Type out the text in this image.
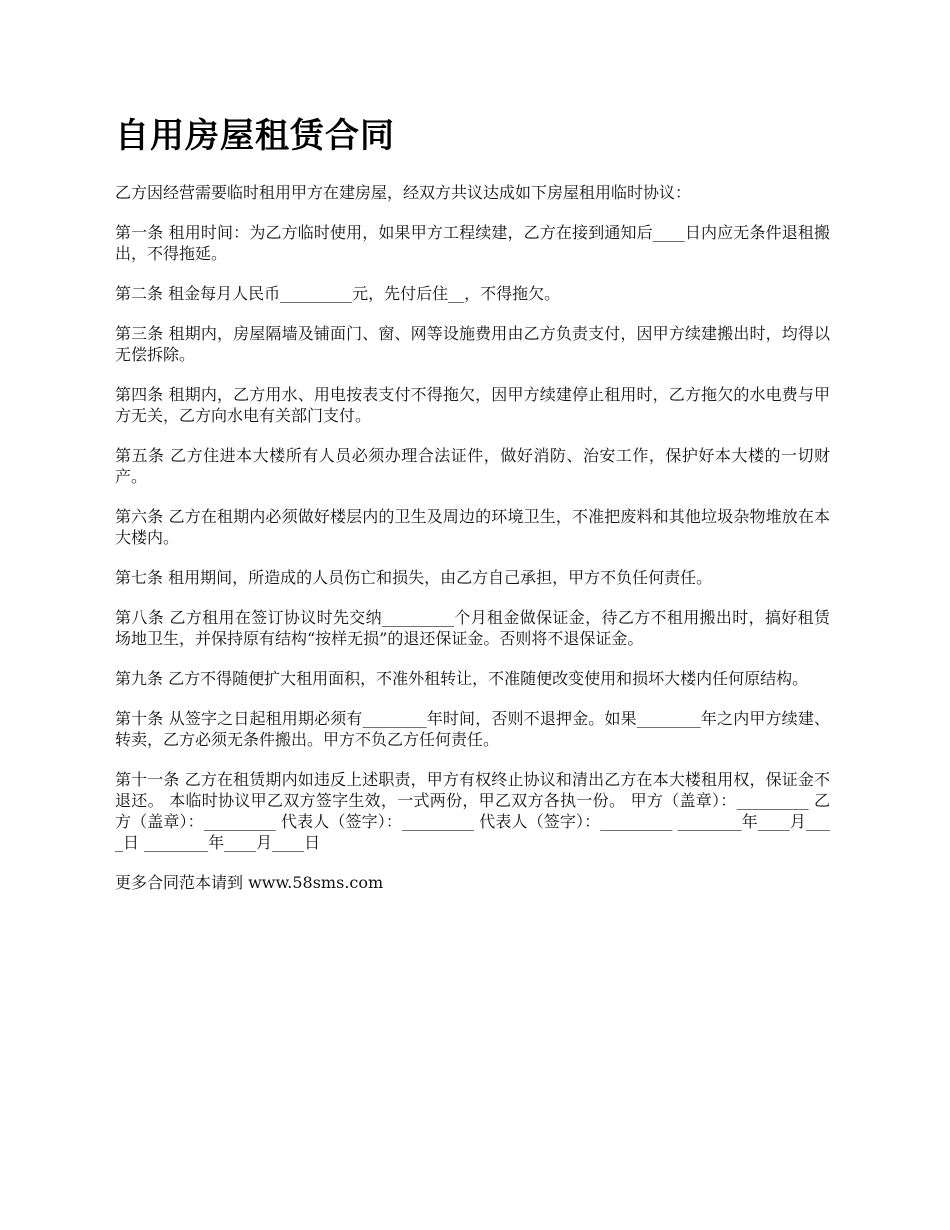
自用房屋租赁合同

乙方因经营需要临时租用甲方在建房屋，经双方共议达成如下房屋租用临时协议：

第一条 租用时间：为乙方临时使用，如果甲方工程续建，乙方在接到通知后____日内应无条件退租搬出，不得拖延。

第二条 租金每月人民币_________元，先付后住__，不得拖欠。

第三条 租期内，房屋隔墙及铺面门、窗、网等设施费用由乙方负责支付，因甲方续建搬出时，均得以无偿拆除。

第四条 租期内，乙方用水、用电按表支付不得拖欠，因甲方续建停止租用时，乙方拖欠的水电费与甲方无关，乙方向水电有关部门支付。

第五条 乙方住进本大楼所有人员必须办理合法证件，做好消防、治安工作，保护好本大楼的一切财产。

第六条 乙方在租期内必须做好楼层内的卫生及周边的环境卫生，不准把废料和其他垃圾杂物堆放在本大楼内。

第七条 租用期间，所造成的人员伤亡和损失，由乙方自己承担，甲方不负任何责任。

第八条 乙方租用在签订协议时先交纳_________个月租金做保证金，待乙方不租用搬出时，搞好租赁场地卫生，并保持原有结构“按样无损”的退还保证金。否则将不退保证金。

第九条 乙方不得随便扩大租用面积，不准外租转让，不准随便改变使用和损坏大楼内任何原结构。

第十条 从签字之日起租用期必须有________年时间，否则不退押金。如果________年之内甲方续建、转卖，乙方必须无条件搬出。甲方不负乙方任何责任。

第十一条 乙方在租赁期内如违反上述职责，甲方有权终止协议和清出乙方在本大楼租用权，保证金不退还。 本临时协议甲乙双方签字生效，一式两份，甲乙双方各执一份。 甲方（盖章）：_________ 乙方（盖章）：_________ 代表人（签字）：_________ 代表人（签字）：_________ ________年____月____日 ________年____月____日

更多合同范本请到 www.58sms.com
